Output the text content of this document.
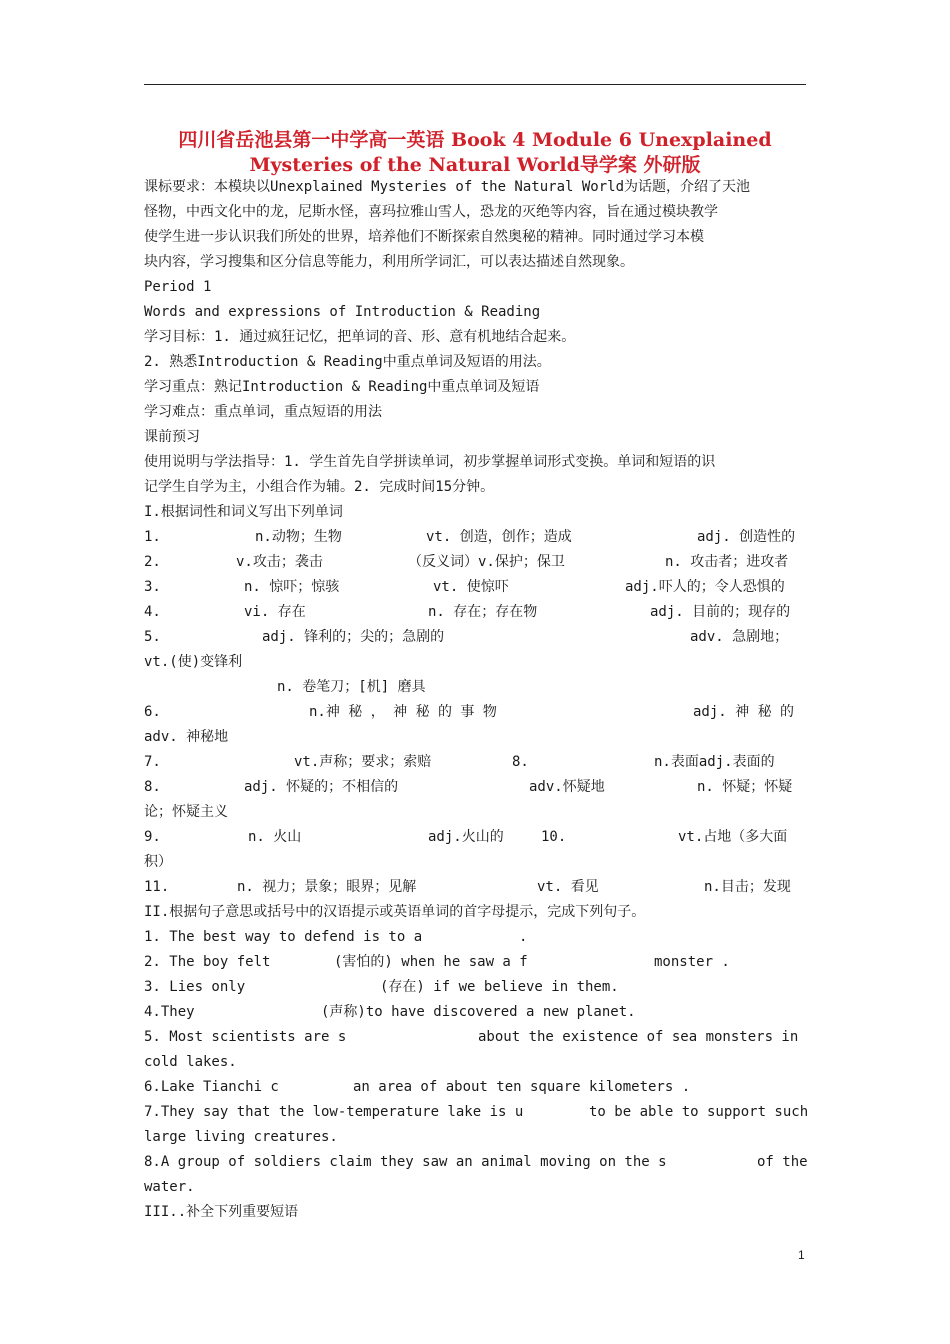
四川省岳池县第一中学高一英语 Book 4 Module 6 Unexplained
Mysteries of the Natural World导学案 外研版
课标要求：本模块以Unexplained Mysteries of the Natural World为话题，介绍了天池
怪物，中西文化中的龙，尼斯水怪，喜玛拉雅山雪人，恐龙的灭绝等内容，旨在通过模块教学
使学生进一步认识我们所处的世界，培养他们不断探索自然奥秘的精神。同时通过学习本模
块内容，学习搜集和区分信息等能力，利用所学词汇，可以表达描述自然现象。
Period 1
Words and expressions of Introduction & Reading
学习目标：1. 通过疯狂记忆，把单词的音、形、意有机地结合起来。
2. 熟悉Introduction & Reading中重点单词及短语的用法。
学习重点：熟记Introduction & Reading中重点单词及短语
学习难点：重点单词，重点短语的用法
课前预习
使用说明与学法指导：1. 学生首先自学拼读单词，初步掌握单词形式变换。单词和短语的识
记学生自学为主，小组合作为辅。2. 完成时间15分钟。
I.根据词性和词义写出下列单词
1.	n.动物；生物	vt. 创造，创作；造成	adj. 创造性的
2.	v.攻击；袭击	（反义词）v.保护；保卫	n. 攻击者；进攻者
3.	n. 惊吓；惊骇	vt. 使惊吓	adj.吓人的；令人恐惧的
4.	vi. 存在	n. 存在；存在物	adj. 目前的；现存的
5.	adj. 锋利的；尖的；急剧的	adv. 急剧地；
vt.(使)变锋利
n. 卷笔刀；[机] 磨具
6.	n.神 秘 ， 神 秘 的 事 物	adj. 神 秘 的
adv. 神秘地
7.	vt.声称；要求；索赔	8.	n.表面adj.表面的
8.	adj. 怀疑的；不相信的	adv.怀疑地	n. 怀疑；怀疑
论；怀疑主义
9.	n. 火山	adj.火山的	10.	vt.占地（多大面
积）
11.	n. 视力；景象；眼界；见解	vt. 看见	n.目击；发现
II.根据句子意思或括号中的汉语提示或英语单词的首字母提示，完成下列句子。
1. The best way to defend is to a	.
2. The boy felt	(害怕的) when he saw a f	monster .
3. Lies only	(存在) if we believe in them.
4.They	(声称)to have discovered a new planet.
5. Most scientists are s	about the existence of sea monsters in
cold lakes.
6.Lake Tianchi c	an area of about ten square kilometers .
7.They say that the low-temperature lake is u	to be able to support such
large living creatures.
8.A group of soldiers claim they saw an animal moving on the s	of the
water.
III..补全下列重要短语
1
